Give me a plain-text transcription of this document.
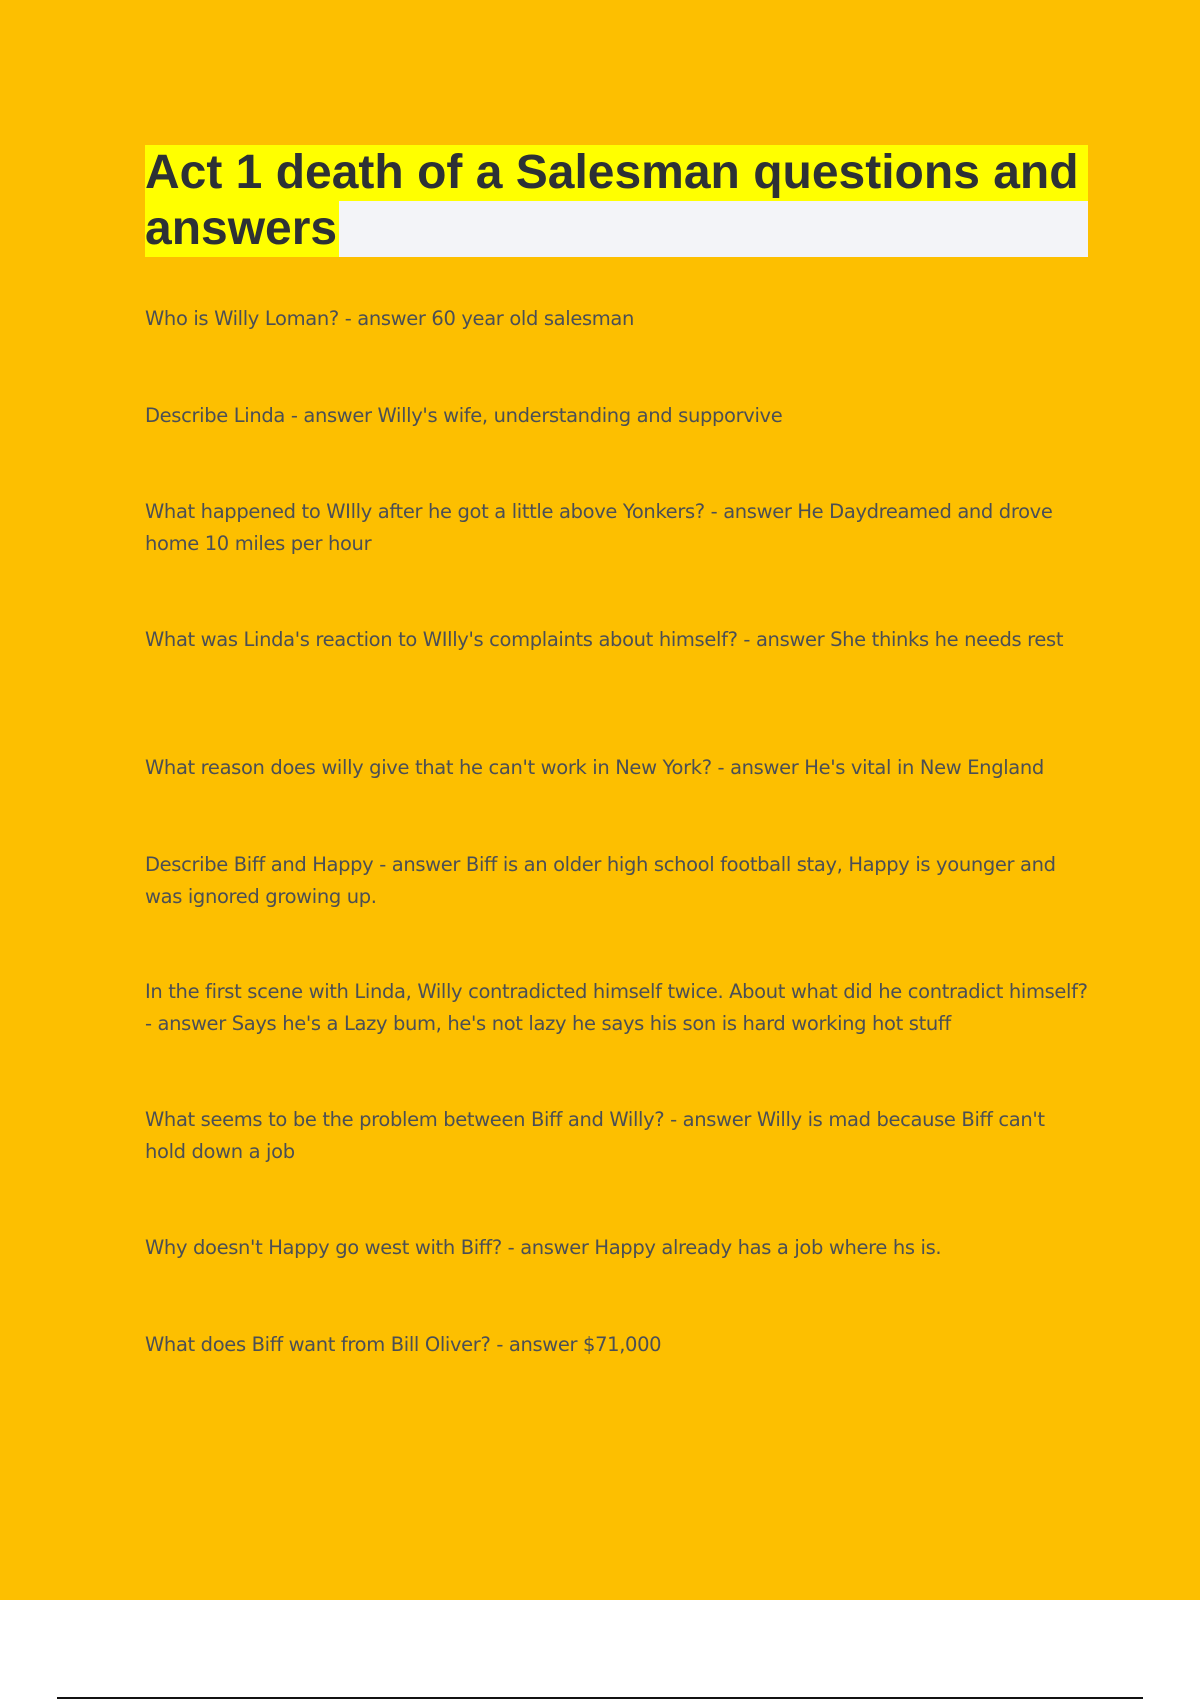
Act 1 death of a Salesman questions and
answers
Who is Willy Loman? - answer 60 year old salesman
Describe Linda - answer Willy's wife, understanding and supporvive
What happened to WIlly after he got a little above Yonkers? - answer He Daydreamed and drove home 10 miles per hour
What was Linda's reaction to WIlly's complaints about himself? - answer She thinks he needs rest
What reason does willy give that he can't work in New York? - answer He's vital in New England
Describe Biff and Happy - answer Biff is an older high school football stay, Happy is younger and was ignored growing up.
In the first scene with Linda, Willy contradicted himself twice. About what did he contradict himself? - answer Says he's a Lazy bum, he's not lazy he says his son is hard working hot stuff
What seems to be the problem between Biff and Willy? - answer Willy is mad because Biff can't hold down a job
Why doesn't Happy go west with Biff? - answer Happy already has a job where hs is.
What does Biff want from Bill Oliver? - answer $71,000
